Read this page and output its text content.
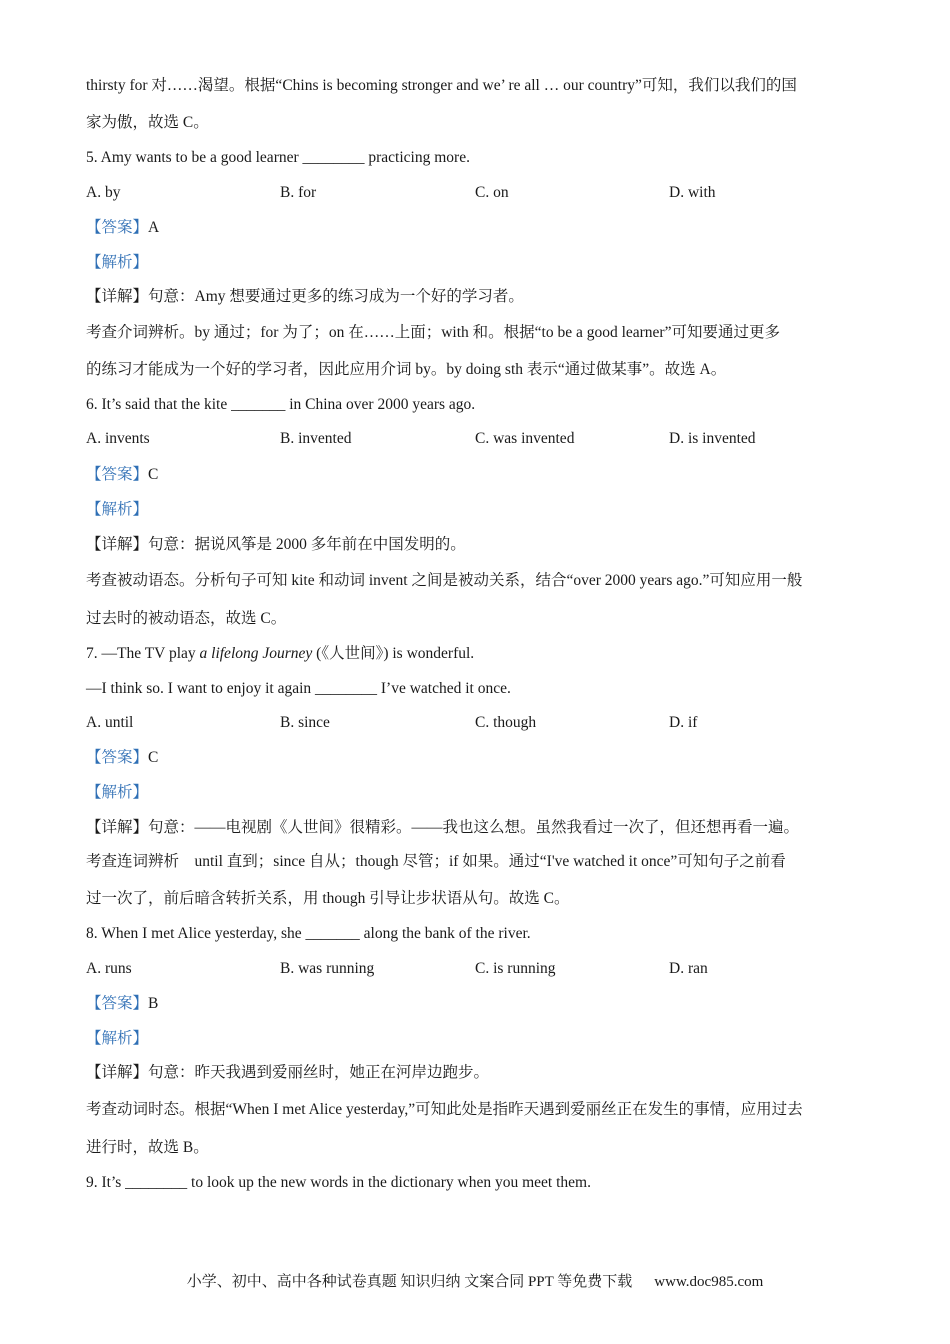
thirsty for 对……渴望。根据“Chins is becoming stronger and we’ re all … our country”可知，我们以我们的国
家为傲，故选 C。
5. Amy wants to be a good learner ________ practicing more.
A. by	B. for	C. on	D. with
【答案】A
【解析】
【详解】句意：Amy 想要通过更多的练习成为一个好的学习者。
考查介词辨析。by 通过；for 为了；on 在……上面；with 和。根据“to be a good learner”可知要通过更多
的练习才能成为一个好的学习者，因此应用介词 by。by doing sth 表示“通过做某事”。故选 A。
6. It’s said that the kite _______ in China over 2000 years ago.
A. invents	B. invented	C. was invented	D. is invented
【答案】C
【解析】
【详解】句意：据说风筝是 2000 多年前在中国发明的。
考查被动语态。分析句子可知 kite 和动词 invent 之间是被动关系，结合“over 2000 years ago.”可知应用一般
过去时的被动语态，故选 C。
7. —The TV play a lifelong Journey (《人世间》) is wonderful.
—I think so. I want to enjoy it again ________ I’ve watched it once.
A. until	B. since	C. though	D. if
【答案】C
【解析】
【详解】句意：——电视剧《人世间》很精彩。——我也这么想。虽然我看过一次了，但还想再看一遍。
考查连词辨析　until 直到；since 自从；though 尽管；if 如果。通过“I've watched it once”可知句子之前看
过一次了，前后暗含转折关系，用 though 引导让步状语从句。故选 C。
8. When I met Alice yesterday, she _______ along the bank of the river.
A. runs	B. was running	C. is running	D. ran
【答案】B
【解析】
【详解】句意：昨天我遇到爱丽丝时，她正在河岸边跑步。
考查动词时态。根据“When I met Alice yesterday,”可知此处是指昨天遇到爱丽丝正在发生的事情，应用过去
进行时，故选 B。
9. It’s ________ to look up the new words in the dictionary when you meet them.
小学、初中、高中各种试卷真题 知识归纳 文案合同 PPT 等免费下载 www.doc985.com
